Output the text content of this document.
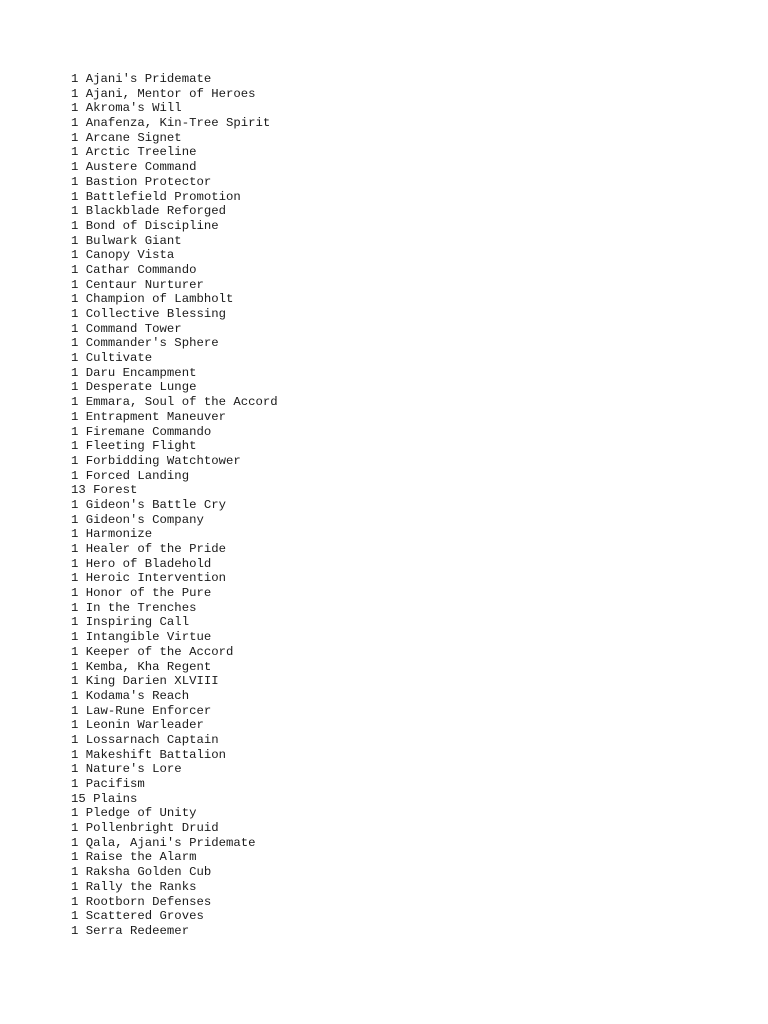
1 Ajani's Pridemate
1 Ajani, Mentor of Heroes
1 Akroma's Will
1 Anafenza, Kin-Tree Spirit
1 Arcane Signet
1 Arctic Treeline
1 Austere Command
1 Bastion Protector
1 Battlefield Promotion
1 Blackblade Reforged
1 Bond of Discipline
1 Bulwark Giant
1 Canopy Vista
1 Cathar Commando
1 Centaur Nurturer
1 Champion of Lambholt
1 Collective Blessing
1 Command Tower
1 Commander's Sphere
1 Cultivate
1 Daru Encampment
1 Desperate Lunge
1 Emmara, Soul of the Accord
1 Entrapment Maneuver
1 Firemane Commando
1 Fleeting Flight
1 Forbidding Watchtower
1 Forced Landing
13 Forest
1 Gideon's Battle Cry
1 Gideon's Company
1 Harmonize
1 Healer of the Pride
1 Hero of Bladehold
1 Heroic Intervention
1 Honor of the Pure
1 In the Trenches
1 Inspiring Call
1 Intangible Virtue
1 Keeper of the Accord
1 Kemba, Kha Regent
1 King Darien XLVIII
1 Kodama's Reach
1 Law-Rune Enforcer
1 Leonin Warleader
1 Lossarnach Captain
1 Makeshift Battalion
1 Nature's Lore
1 Pacifism
15 Plains
1 Pledge of Unity
1 Pollenbright Druid
1 Qala, Ajani's Pridemate
1 Raise the Alarm
1 Raksha Golden Cub
1 Rally the Ranks
1 Rootborn Defenses
1 Scattered Groves
1 Serra Redeemer
